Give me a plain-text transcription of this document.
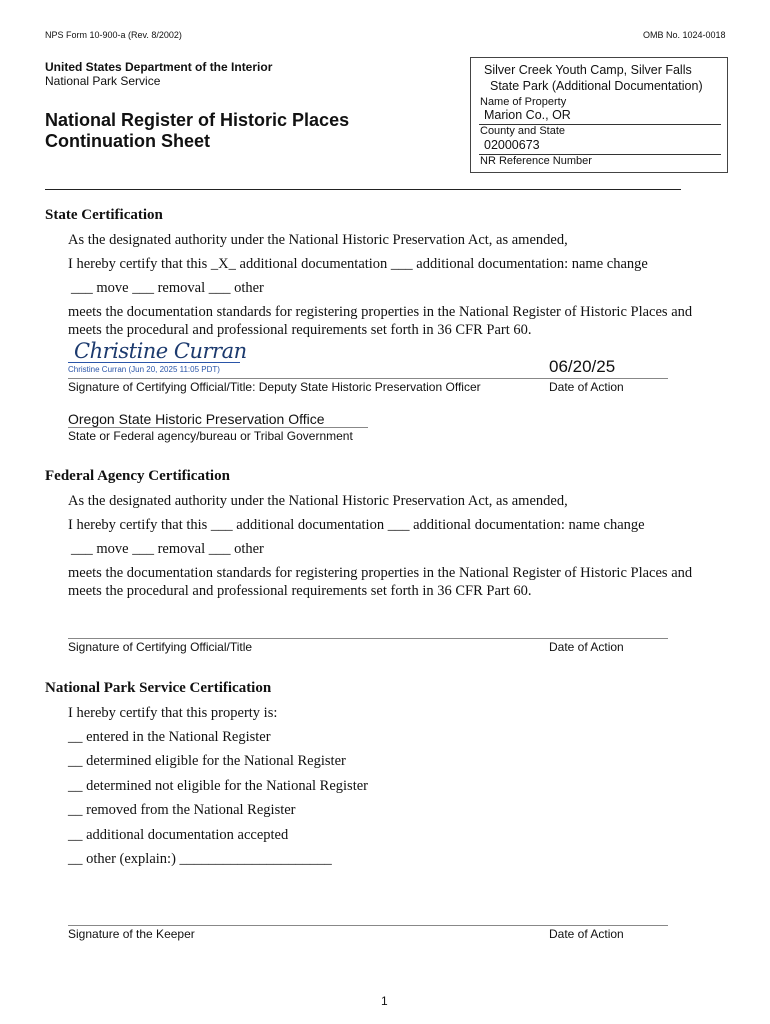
NPS Form 10-900-a (Rev. 8/2002)	OMB No. 1024-0018
United States Department of the Interior
National Park Service
National Register of Historic Places
Continuation Sheet
Silver Creek Youth Camp, Silver Falls
State Park (Additional Documentation)
Name of Property
Marion Co., OR
County and State
02000673
NR Reference Number
State Certification
As the designated authority under the National Historic Preservation Act, as amended,
I hereby certify that this _X_ additional documentation ___ additional documentation: name change
___ move ___ removal ___ other
meets the documentation standards for registering properties in the National Register of Historic Places and
meets the procedural and professional requirements set forth in 36 CFR Part 60.
Christine Curran
Christine Curran (Jun 20, 2025 11:05 PDT)	06/20/25
Signature of Certifying Official/Title: Deputy State Historic Preservation Officer	Date of Action
Oregon State Historic Preservation Office
State or Federal agency/bureau or Tribal Government
Federal Agency Certification
As the designated authority under the National Historic Preservation Act, as amended,
I hereby certify that this ___ additional documentation ___ additional documentation: name change
___ move ___ removal ___ other
meets the documentation standards for registering properties in the National Register of Historic Places and
meets the procedural and professional requirements set forth in 36 CFR Part 60.
Signature of Certifying Official/Title	Date of Action
National Park Service Certification
I hereby certify that this property is:
__ entered in the National Register
__ determined eligible for the National Register
__ determined not eligible for the National Register
__ removed from the National Register
__ additional documentation accepted
__ other (explain:) _____________________
Signature of the Keeper	Date of Action
1
